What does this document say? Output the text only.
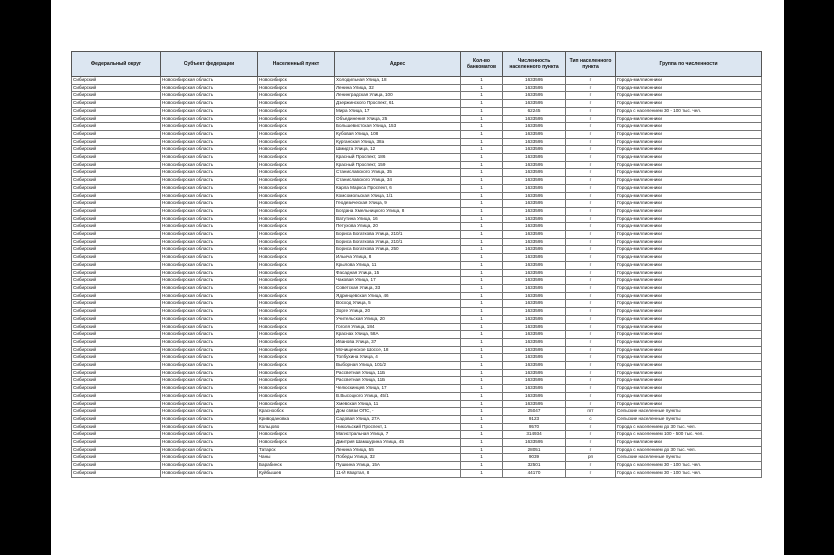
Федеральный округ	Субъект федерации	Населенный пункт	Адрес	Кол-во банкоматов	Численность населенного пункта	Тип населенного пункта	Группа по численности
Сибирский	Новосибирская область	Новосибирск	Холодильная Улица, 18	1	1633595	г	Города-миллионники
Сибирский	Новосибирская область	Новосибирск	Ленина Улица, 32	1	1633595	г	Города-миллионники
Сибирский	Новосибирская область	Новосибирск	Ленинградская Улица, 100	1	1633595	г	Города-миллионники
Сибирский	Новосибирская область	Новосибирск	Дзержинского Проспект, 61	1	1633595	г	Города-миллионники
Сибирский	Новосибирская область	Новосибирск	Мира Улица, 17	1	62245	г	Города с населением 30 - 100 тыс. чел.
Сибирский	Новосибирская область	Новосибирск	Объединения Улица, 25	1	1633595	г	Города-миллионники
Сибирский	Новосибирская область	Новосибирск	Большевистская Улица, 153	1	1633595	г	Города-миллионники
Сибирский	Новосибирская область	Новосибирск	Кубовая Улица, 108	1	1633595	г	Города-миллионники
Сибирский	Новосибирская область	Новосибирск	Курганская Улица, 38а	1	1633595	г	Города-миллионники
Сибирский	Новосибирская область	Новосибирск	Шмидта Улица, 12	1	1633595	г	Города-миллионники
Сибирский	Новосибирская область	Новосибирск	Красный Проспект, 186	1	1633595	г	Города-миллионники
Сибирский	Новосибирская область	Новосибирск	Красный Проспект, 159	1	1633595	г	Города-миллионники
Сибирский	Новосибирская область	Новосибирск	Станиславского Улица, 35	1	1633595	г	Города-миллионники
Сибирский	Новосибирская область	Новосибирск	Станиславского Улица, 34	1	1633595	г	Города-миллионники
Сибирский	Новосибирская область	Новосибирск	Карла Маркса Проспект, 6	1	1633595	г	Города-миллионники
Сибирский	Новосибирская область	Новосибирск	Комсомольская Улица, 1/1	1	1633595	г	Города-миллионники
Сибирский	Новосибирская область	Новосибирск	Геодезическая Улица, 9	1	1633595	г	Города-миллионники
Сибирский	Новосибирская область	Новосибирск	Богдана Хмельницкого Улица, 8	1	1633595	г	Города-миллионники
Сибирский	Новосибирская область	Новосибирск	Ватутина Улица, 16	1	1633595	г	Города-миллионники
Сибирский	Новосибирская область	Новосибирск	Петухова Улица, 20	1	1633595	г	Города-миллионники
Сибирский	Новосибирская область	Новосибирск	Бориса Богаткова Улица, 210/1	1	1633595	г	Города-миллионники
Сибирский	Новосибирская область	Новосибирск	Бориса Богаткова Улица, 210/1	1	1633595	г	Города-миллионники
Сибирский	Новосибирская область	Новосибирск	Бориса Богаткова Улица, 250	1	1633595	г	Города-миллионники
Сибирский	Новосибирская область	Новосибирск	Ильича Улица, 8	1	1633595	г	Города-миллионники
Сибирский	Новосибирская область	Новосибирск	Крылова Улица, 11	1	1633595	г	Города-миллионники
Сибирский	Новосибирская область	Новосибирск	Фасадная Улица, 15	1	1633595	г	Города-миллионники
Сибирский	Новосибирская область	Новосибирск	Чаковая Улица, 17	1	1633595	г	Города-миллионники
Сибирский	Новосибирская область	Новосибирск	Советская Улица, 33	1	1633595	г	Города-миллионники
Сибирский	Новосибирская область	Новосибирск	Ядринцевская Улица, 46	1	1633595	г	Города-миллионники
Сибирский	Новосибирская область	Новосибирск	Восход Улица, 5	1	1633595	г	Города-миллионники
Сибирский	Новосибирская область	Новосибирск	Зорге Улица, 20	1	1633595	г	Города-миллионники
Сибирский	Новосибирская область	Новосибирск	Учительская Улица, 20	1	1633595	г	Города-миллионники
Сибирский	Новосибирская область	Новосибирск	Гоголя Улица, 184	1	1633595	г	Города-миллионники
Сибирский	Новосибирская область	Новосибирск	Краснах Улица, 58А	1	1633595	г	Города-миллионники
Сибирский	Новосибирская область	Новосибирск	Иванова Улица, 37	1	1633595	г	Города-миллионники
Сибирский	Новосибирская область	Новосибирск	Мочищенское Шоссе, 18	1	1633595	г	Города-миллионники
Сибирский	Новосибирская область	Новосибирск	Толбухина Улица, 4	1	1633595	г	Города-миллионники
Сибирский	Новосибирская область	Новосибирск	Выборная Улица, 101/2	1	1633595	г	Города-миллионники
Сибирский	Новосибирская область	Новосибирск	Рассветная Улица, 11Б	1	1633595	г	Города-миллионники
Сибирский	Новосибирская область	Новосибирск	Рассветная Улица, 11Б	1	1633595	г	Города-миллионники
Сибирский	Новосибирская область	Новосибирск	Челюскинцев Улица, 17	1	1633595	г	Города-миллионники
Сибирский	Новосибирская область	Новосибирск	В.Высоцкого Улица, 45/1	1	1633595	г	Города-миллионники
Сибирский	Новосибирская область	Новосибирск	Хмевская Улица, 11	1	1633595	г	Города-миллионники
Сибирский	Новосибирская область	Краснообск	Дом связи ОПС, -	1	25047	пгт	Сельские населенные пункты
Сибирский	Новосибирская область	Криводановка	Садовая Улица, 27А	1	9123	с	Сельские населенные пункты
Сибирский	Новосибирская область	Кольцово	Никольский Проспект, 1	1	9570	г	Города с населением до 30 тыс. чел.
Сибирский	Новосибирская область	Новосибирск	Магистральная Улица, 7	1	314934	г	Города с населением 100 - 500 тыс. чел.
Сибирский	Новосибирская область	Новосибирск	Дмитрия Шамшурина Улица, 45	1	1633595	г	Города-миллионники
Сибирский	Новосибирская область	Татарск	Ленина Улица, 55	1	28051	г	Города с населением до 30 тыс. чел.
Сибирский	Новосибирская область	Чаны	Победы Улица, 32	1	9039	рп	Сельские населенные пункты
Сибирский	Новосибирская область	Барабинск	Пушкина Улица, 15А	1	32501	г	Города с населением 30 - 100 тыс. чел.
Сибирский	Новосибирская область	Куйбышев	11-Й Квартал, 8	1	44170	г	Города с населением 30 - 100 тыс. чел.
